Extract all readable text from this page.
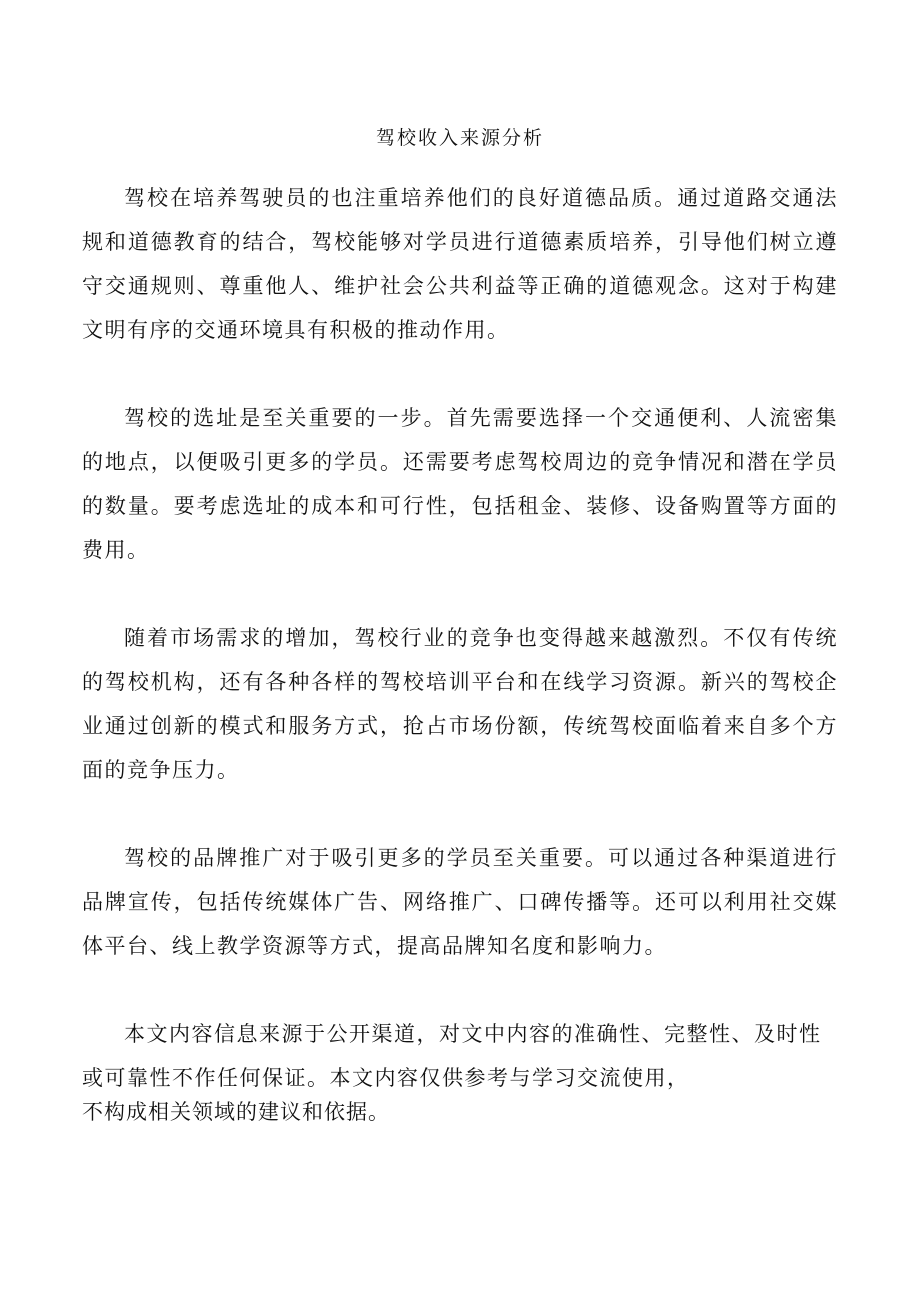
驾校收入来源分析

驾校在培养驾驶员的也注重培养他们的良好道德品质。通过道路交通法规和道德教育的结合，驾校能够对学员进行道德素质培养，引导他们树立遵守交通规则、尊重他人、维护社会公共利益等正确的道德观念。这对于构建文明有序的交通环境具有积极的推动作用。

驾校的选址是至关重要的一步。首先需要选择一个交通便利、人流密集的地点，以便吸引更多的学员。还需要考虑驾校周边的竞争情况和潜在学员的数量。要考虑选址的成本和可行性，包括租金、装修、设备购置等方面的费用。

随着市场需求的增加，驾校行业的竞争也变得越来越激烈。不仅有传统的驾校机构，还有各种各样的驾校培训平台和在线学习资源。新兴的驾校企业通过创新的模式和服务方式，抢占市场份额，传统驾校面临着来自多个方面的竞争压力。

驾校的品牌推广对于吸引更多的学员至关重要。可以通过各种渠道进行品牌宣传，包括传统媒体广告、网络推广、口碑传播等。还可以利用社交媒体平台、线上教学资源等方式，提高品牌知名度和影响力。

本文内容信息来源于公开渠道，对文中内容的准确性、完整性、及时性或可靠性不作任何保证。本文内容仅供参考与学习交流使用，

不构成相关领域的建议和依据。
